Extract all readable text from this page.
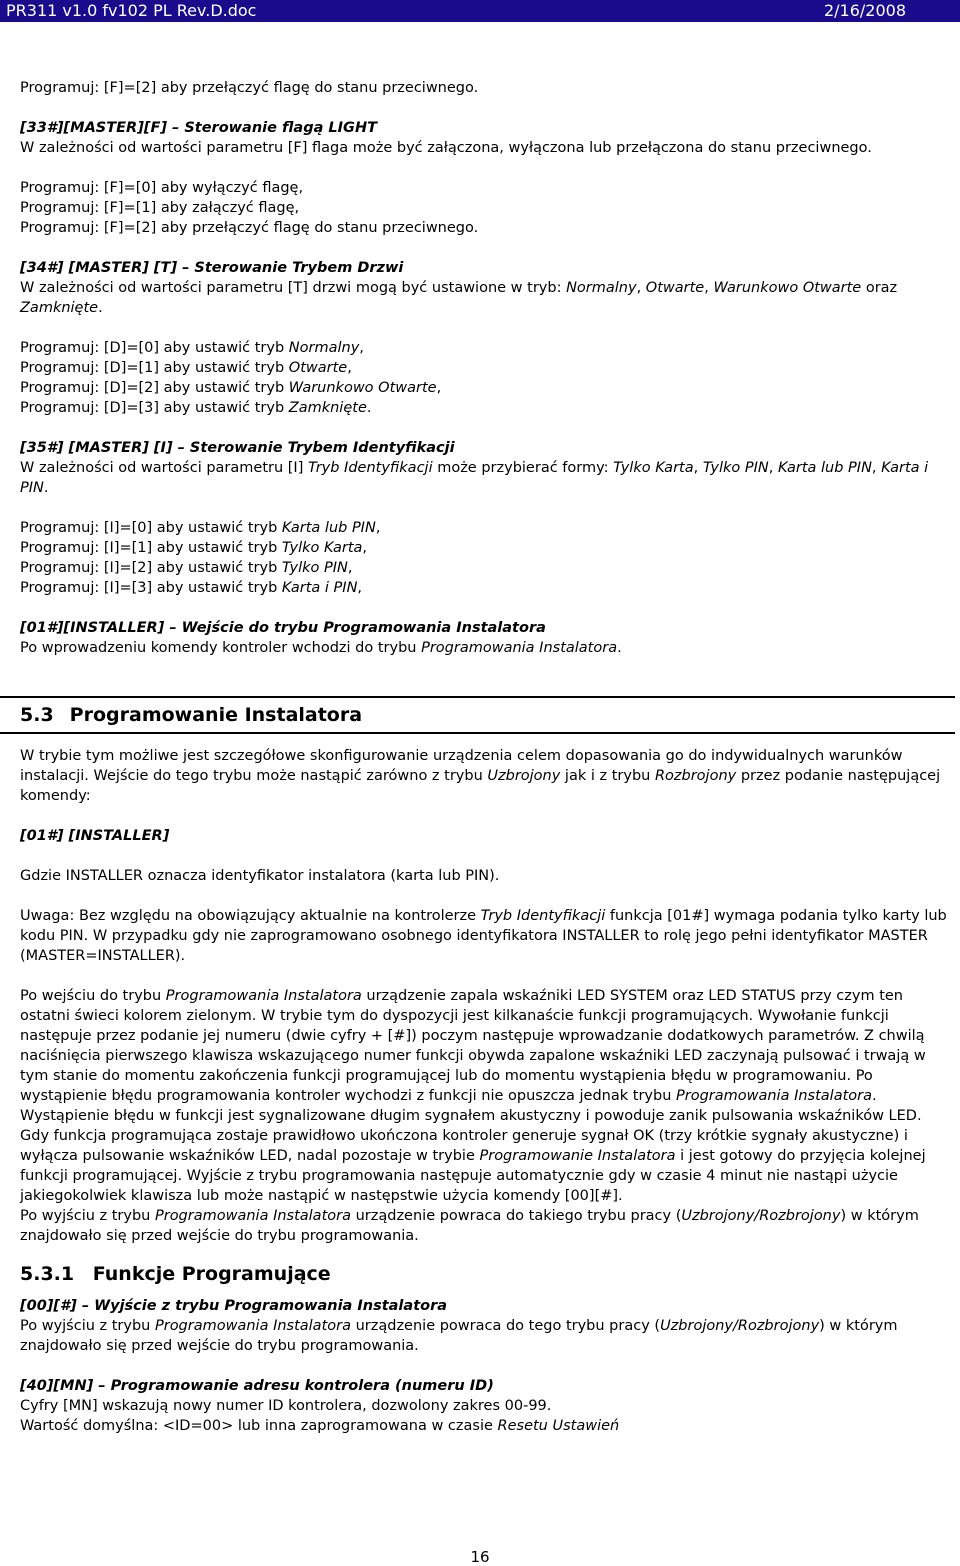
PR311 v1.0 fv102 PL Rev.D.doc	2/16/2008

Programuj: [F]=[2] aby przełączyć flagę do stanu przeciwnego.

[33#][MASTER][F] – Sterowanie flagą LIGHT

W zależności od wartości parametru [F] flaga może być załączona, wyłączona lub przełączona do stanu przeciwnego.

Programuj: [F]=[0] aby wyłączyć flagę,

Programuj: [F]=[1] aby załączyć flagę,

Programuj: [F]=[2] aby przełączyć flagę do stanu przeciwnego.

[34#] [MASTER] [T] – Sterowanie Trybem Drzwi

W zależności od wartości parametru [T] drzwi mogą być ustawione w tryb: Normalny, Otwarte, Warunkowo Otwarte oraz Zamknięte.

Programuj: [D]=[0] aby ustawić tryb Normalny,

Programuj: [D]=[1] aby ustawić tryb Otwarte,

Programuj: [D]=[2] aby ustawić tryb Warunkowo Otwarte,

Programuj: [D]=[3] aby ustawić tryb Zamknięte.

[35#] [MASTER] [I] – Sterowanie Trybem Identyfikacji

W zależności od wartości parametru [I] Tryb Identyfikacji może przybierać formy: Tylko Karta, Tylko PIN, Karta lub PIN, Karta i PIN.

Programuj: [I]=[0] aby ustawić tryb Karta lub PIN,

Programuj: [I]=[1] aby ustawić tryb Tylko Karta,

Programuj: [I]=[2] aby ustawić tryb Tylko PIN,

Programuj: [I]=[3] aby ustawić tryb Karta i PIN,

[01#][INSTALLER] – Wejście do trybu Programowania Instalatora

Po wprowadzeniu komendy kontroler wchodzi do trybu Programowania Instalatora.

5.3 Programowanie Instalatora

W trybie tym możliwe jest szczegółowe skonfigurowanie urządzenia celem dopasowania go do indywidualnych warunków instalacji. Wejście do tego trybu może nastąpić zarówno z trybu Uzbrojony jak i z trybu Rozbrojony przez podanie następującej komendy:

[01#] [INSTALLER]

Gdzie INSTALLER oznacza identyfikator instalatora (karta lub PIN).

Uwaga: Bez względu na obowiązujący aktualnie na kontrolerze Tryb Identyfikacji funkcja [01#] wymaga podania tylko karty lub kodu PIN. W przypadku gdy nie zaprogramowano osobnego identyfikatora INSTALLER to rolę jego pełni identyfikator MASTER (MASTER=INSTALLER).

Po wejściu do trybu Programowania Instalatora urządzenie zapala wskaźniki LED SYSTEM oraz LED STATUS przy czym ten ostatni świeci kolorem zielonym. W trybie tym do dyspozycji jest kilkanaście funkcji programujących. Wywołanie funkcji następuje przez podanie jej numeru (dwie cyfry + [#]) poczym następuje wprowadzanie dodatkowych parametrów. Z chwilą naciśnięcia pierwszego klawisza wskazującego numer funkcji obywda zapalone wskaźniki LED zaczynają pulsować i trwają w tym stanie do momentu zakończenia funkcji programującej lub do momentu wystąpienia błędu w programowaniu. Po wystąpienie błędu programowania kontroler wychodzi z funkcji nie opuszcza jednak trybu Programowania Instalatora. Wystąpienie błędu w funkcji jest sygnalizowane długim sygnałem akustyczny i powoduje zanik pulsowania wskaźników LED. Gdy funkcja programująca zostaje prawidłowo ukończona kontroler generuje sygnał OK (trzy krótkie sygnały akustyczne) i wyłącza pulsowanie wskaźników LED, nadal pozostaje w trybie Programowanie Instalatora i jest gotowy do przyjęcia kolejnej funkcji programującej. Wyjście z trybu programowania następuje automatycznie gdy w czasie 4 minut nie nastąpi użycie jakiegokolwiek klawisza lub może nastąpić w następstwie użycia komendy [00][#].

Po wyjściu z trybu Programowania Instalatora urządzenie powraca do takiego trybu pracy (Uzbrojony/Rozbrojony) w którym znajdowało się przed wejście do trybu programowania.

5.3.1 Funkcje Programujące

[00][#] – Wyjście z trybu Programowania Instalatora

Po wyjściu z trybu Programowania Instalatora urządzenie powraca do tego trybu pracy (Uzbrojony/Rozbrojony) w którym znajdowało się przed wejście do trybu programowania.

[40][MN] – Programowanie adresu kontrolera (numeru ID)

Cyfry [MN] wskazują nowy numer ID kontrolera, dozwolony zakres 00-99.

Wartość domyślna: <ID=00> lub inna zaprogramowana w czasie Resetu Ustawień

16
